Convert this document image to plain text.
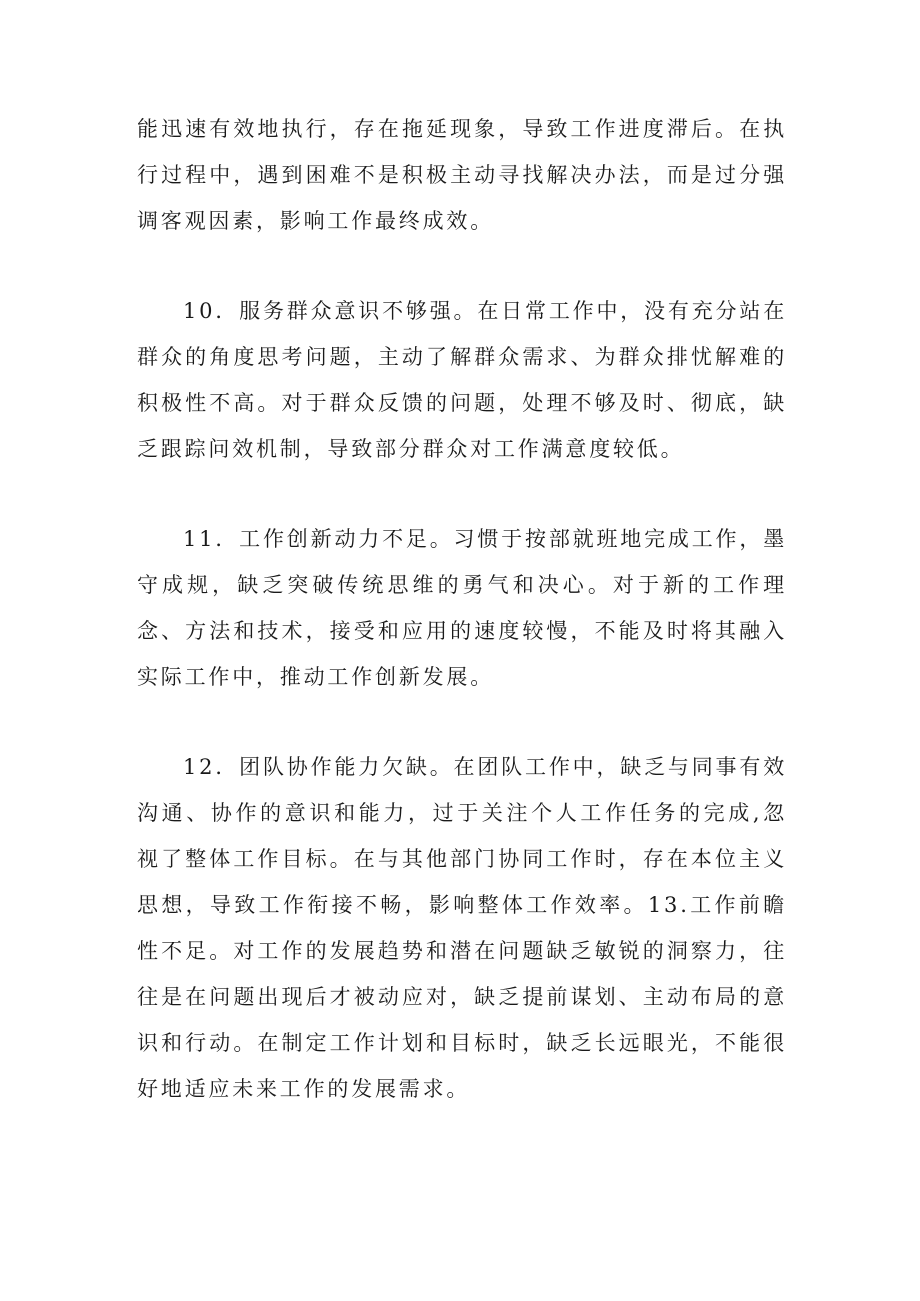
能迅速有效地执行，存在拖延现象，导致工作进度滞后。在执行过程中，遇到困难不是积极主动寻找解决办法，而是过分强调客观因素，影响工作最终成效。

10．服务群众意识不够强。在日常工作中，没有充分站在群众的角度思考问题，主动了解群众需求、为群众排忧解难的积极性不高。对于群众反馈的问题，处理不够及时、彻底，缺乏跟踪问效机制，导致部分群众对工作满意度较低。

11．工作创新动力不足。习惯于按部就班地完成工作，墨守成规，缺乏突破传统思维的勇气和决心。对于新的工作理念、方法和技术，接受和应用的速度较慢，不能及时将其融入实际工作中，推动工作创新发展。

12．团队协作能力欠缺。在团队工作中，缺乏与同事有效沟通、协作的意识和能力，过于关注个人工作任务的完成,忽视了整体工作目标。在与其他部门协同工作时，存在本位主义思想，导致工作衔接不畅，影响整体工作效率。13.工作前瞻性不足。对工作的发展趋势和潜在问题缺乏敏锐的洞察力，往往是在问题出现后才被动应对，缺乏提前谋划、主动布局的意识和行动。在制定工作计划和目标时，缺乏长远眼光，不能很好地适应未来工作的发展需求。
